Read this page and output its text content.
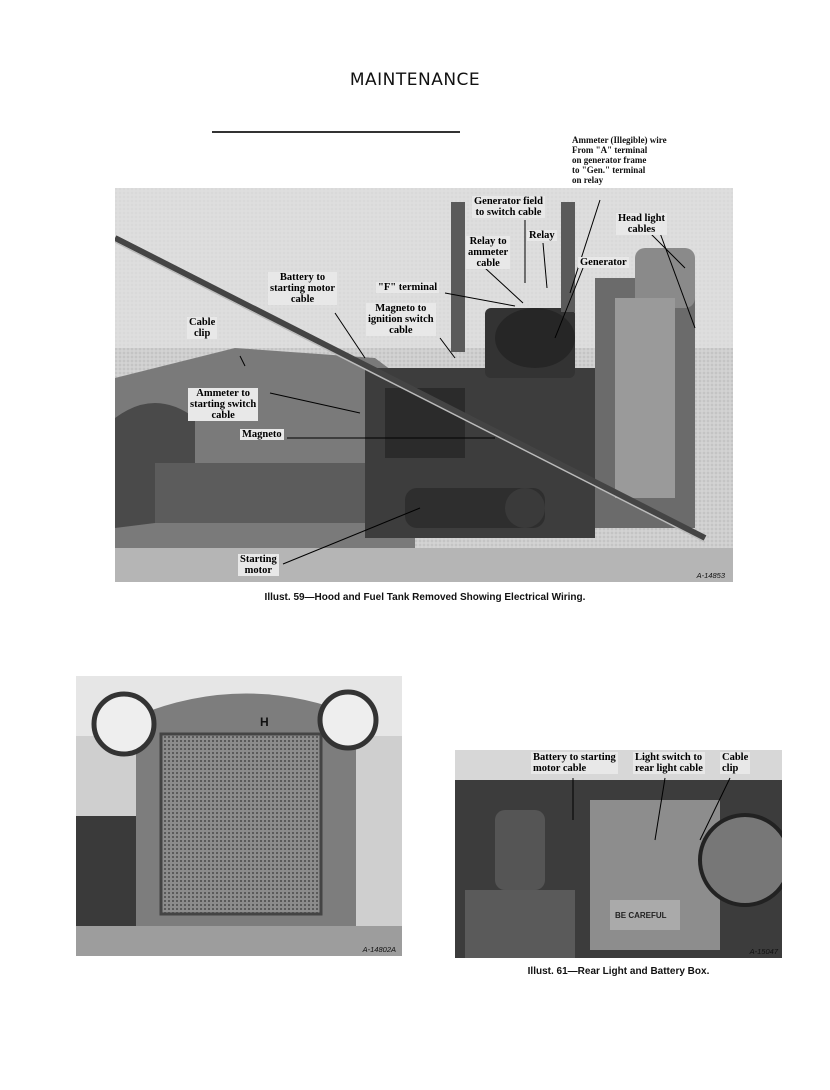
MAINTENANCE
Ammeter (Illegible) wire
From "A" terminal
on generator frame
to "Gen." terminal
on relay
A-14853
Generator field
to switch cable
Relay to
ammeter
cable
Relay
Head light
cables
Generator
Battery to
starting motor
cable
"F" terminal
Magneto to
ignition switch
cable
Cable
clip
Ammeter to
starting switch
cable
Magneto
Starting
motor
Illust. 59—Hood and Fuel Tank Removed Showing Electrical Wiring.
H
A-14802A
BE CAREFUL
A-15047
Battery to starting
motor cable
Light switch to
rear light cable
Cable
clip
Illust. 61—Rear Light and Battery Box.
